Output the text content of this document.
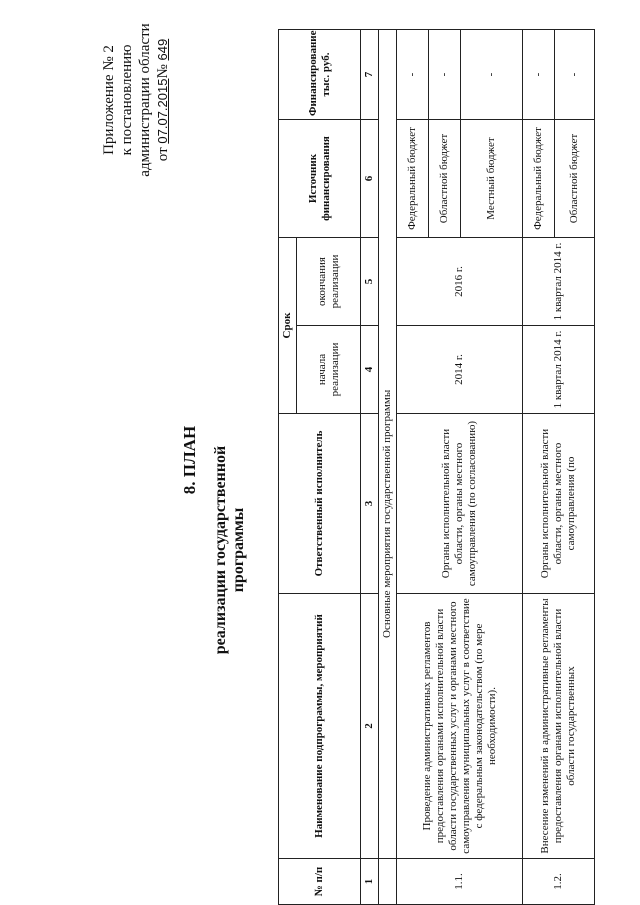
Приложение № 2 к постановлению администрации области от 07.07.2015№ 649
8. ПЛАН реализации государственной программы
№ п/п	Наименование подпрограммы, мероприятий	Ответственный исполнитель	Срок		Источник финансирования	Финансирование тыс. руб.
			начала реализации	окончания реализации		
1	2	3	4	5	6	7
	Основные мероприятия государственной программы					
1.1.	Проведение административных регламентов предоставления органами исполнительной власти области государственных услуг и органами местного самоуправления муниципальных услуг в соответствие с федеральным законодательством (по мере необходимости).	Органы исполнительной власти области, органы местного самоуправления (по согласованию)	2014 г.	2016 г.	Федеральный бюджет	-
					Областной бюджет	-
					Местный бюджет	-
1.2.	Внесение изменений в административные регламенты предоставления органами исполнительной власти области государственных	Органы исполнительной власти области, органы местного самоуправления (по	1 квартал 2014 г.	1 квартал 2014 г.	Федеральный бюджет	-
					Областной бюджет	-
